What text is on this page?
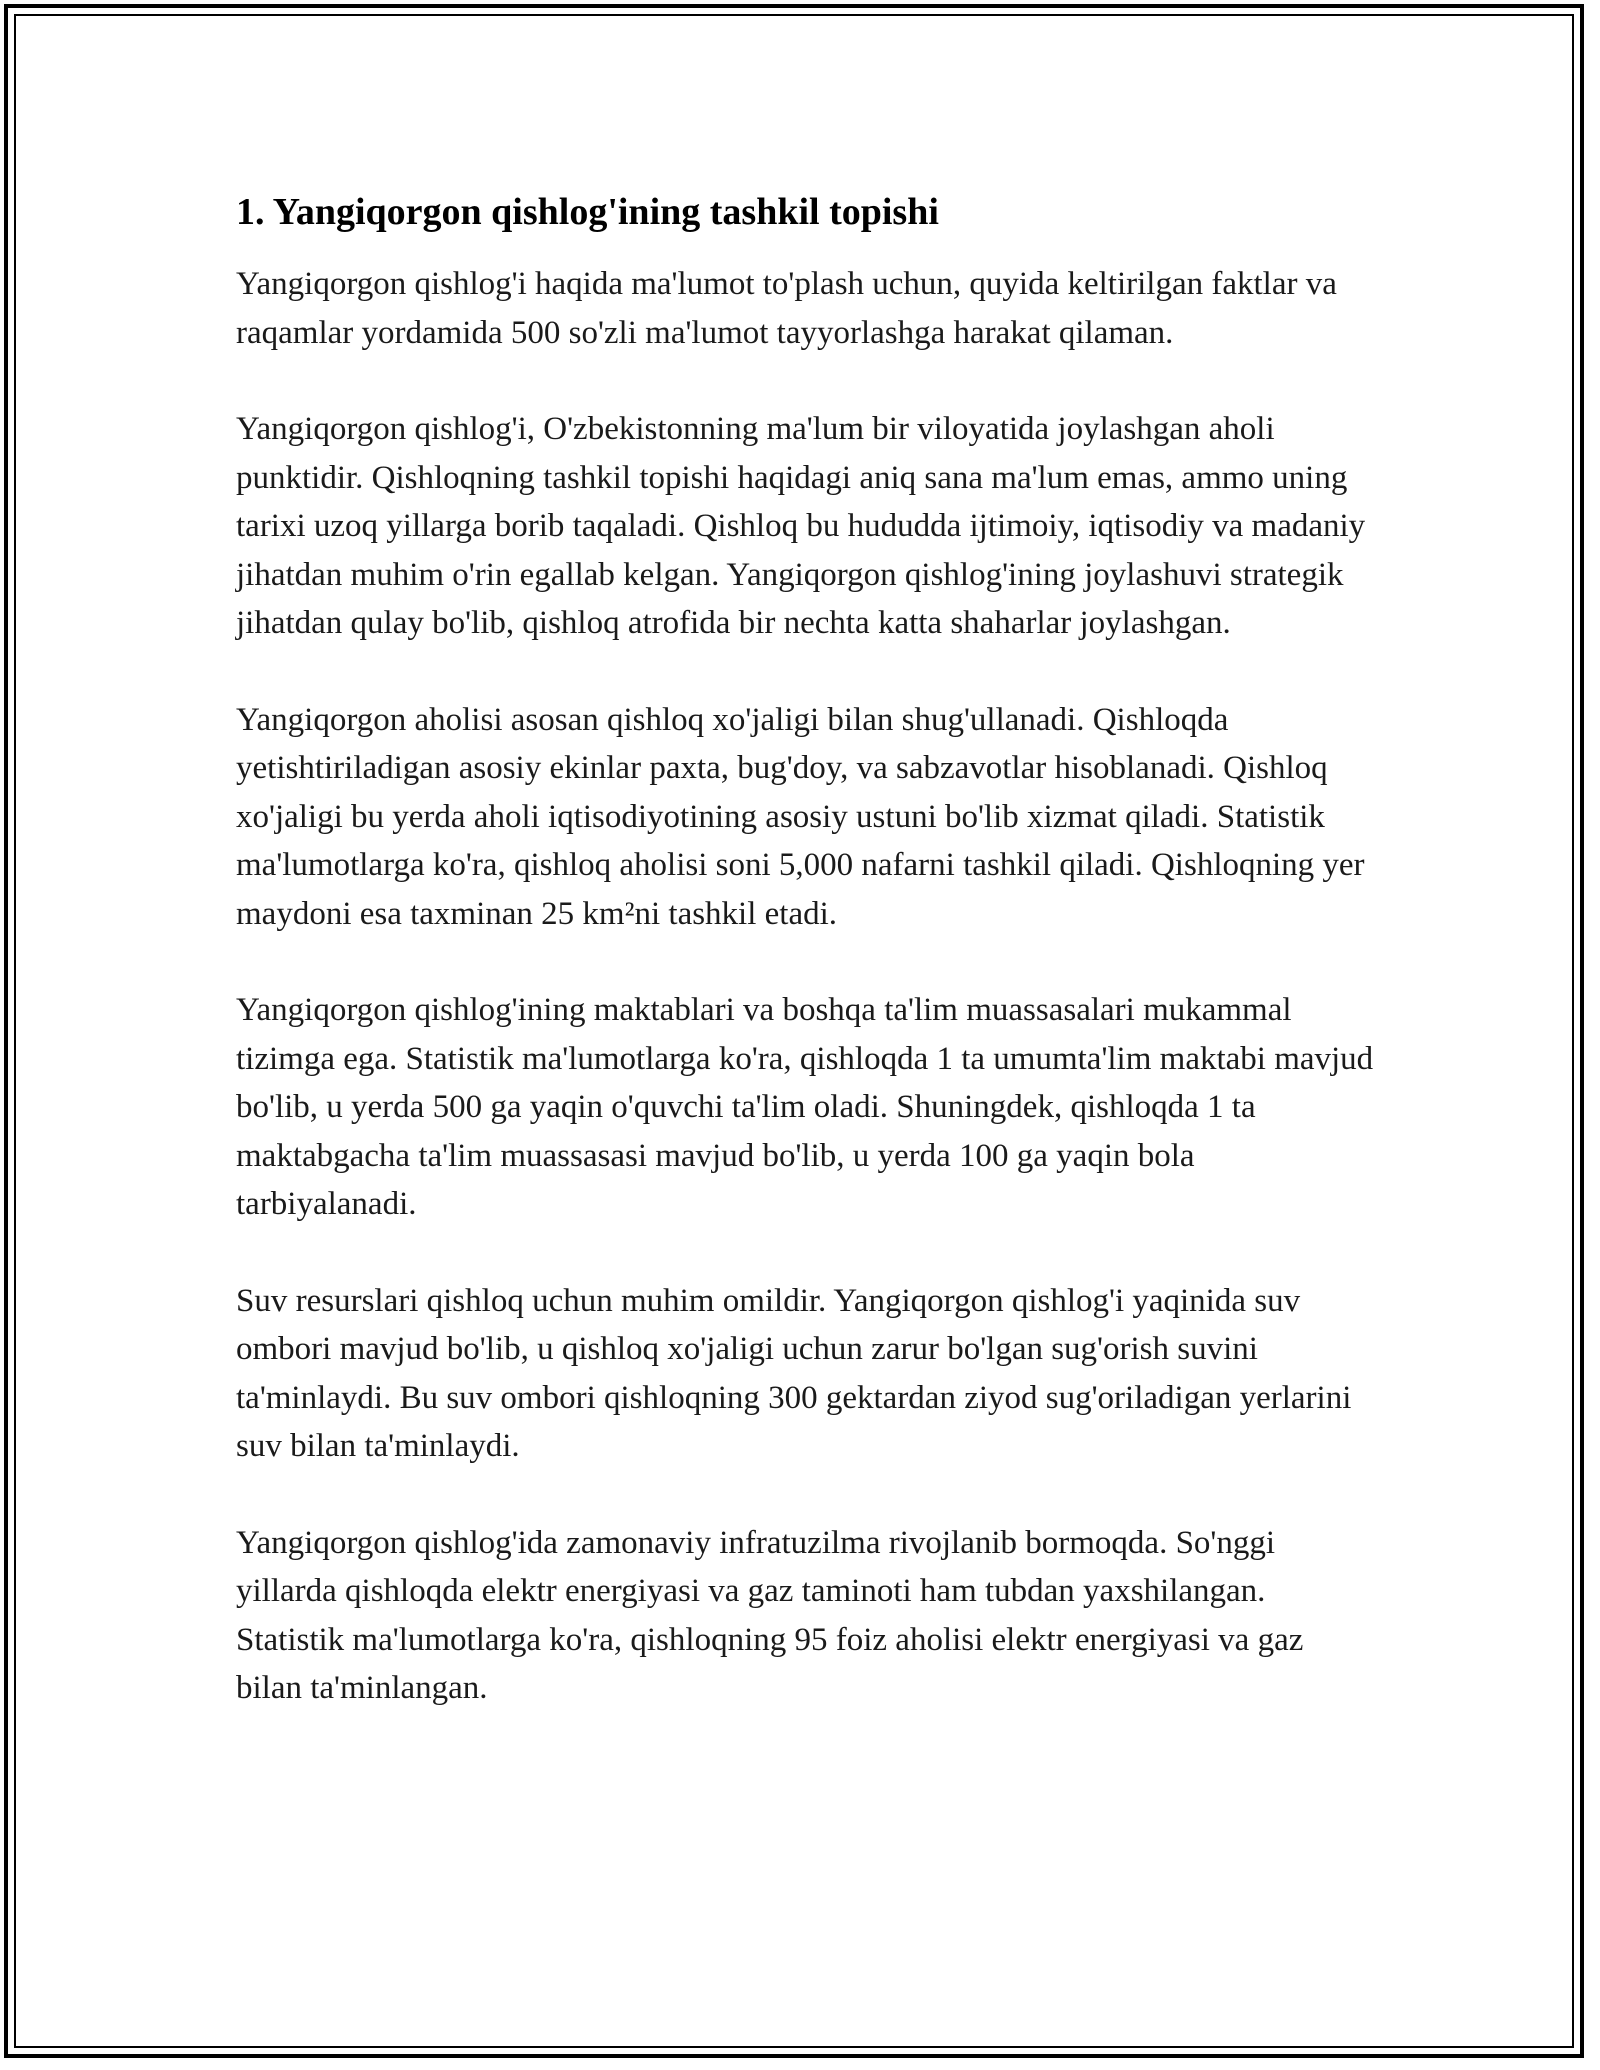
1. Yangiqorgon qishlog'ining tashkil topishi

Yangiqorgon qishlog'i haqida ma'lumot to'plash uchun, quyida keltirilgan faktlar va raqamlar yordamida 500 so'zli ma'lumot tayyorlashga harakat qilaman.

Yangiqorgon qishlog'i, O'zbekistonning ma'lum bir viloyatida joylashgan aholi punktidir. Qishloqning tashkil topishi haqidagi aniq sana ma'lum emas, ammo uning tarixi uzoq yillarga borib taqaladi. Qishloq bu hududda ijtimoiy, iqtisodiy va madaniy jihatdan muhim o'rin egallab kelgan. Yangiqorgon qishlog'ining joylashuvi strategik jihatdan qulay bo'lib, qishloq atrofida bir nechta katta shaharlar joylashgan.

Yangiqorgon aholisi asosan qishloq xo'jaligi bilan shug'ullanadi. Qishloqda yetishtiriladigan asosiy ekinlar paxta, bug'doy, va sabzavotlar hisoblanadi. Qishloq xo'jaligi bu yerda aholi iqtisodiyotining asosiy ustuni bo'lib xizmat qiladi. Statistik ma'lumotlarga ko'ra, qishloq aholisi soni 5,000 nafarni tashkil qiladi. Qishloqning yer maydoni esa taxminan 25 km²ni tashkil etadi.

Yangiqorgon qishlog'ining maktablari va boshqa ta'lim muassasalari mukammal tizimga ega. Statistik ma'lumotlarga ko'ra, qishloqda 1 ta umumta'lim maktabi mavjud bo'lib, u yerda 500 ga yaqin o'quvchi ta'lim oladi. Shuningdek, qishloqda 1 ta maktabgacha ta'lim muassasasi mavjud bo'lib, u yerda 100 ga yaqin bola tarbiyalanadi.

Suv resurslari qishloq uchun muhim omildir. Yangiqorgon qishlog'i yaqinida suv ombori mavjud bo'lib, u qishloq xo'jaligi uchun zarur bo'lgan sug'orish suvini ta'minlaydi. Bu suv ombori qishloqning 300 gektardan ziyod sug'oriladigan yerlarini suv bilan ta'minlaydi.

Yangiqorgon qishlog'ida zamonaviy infratuzilma rivojlanib bormoqda. So'nggi yillarda qishloqda elektr energiyasi va gaz taminoti ham tubdan yaxshilangan. Statistik ma'lumotlarga ko'ra, qishloqning 95 foiz aholisi elektr energiyasi va gaz bilan ta'minlangan.
